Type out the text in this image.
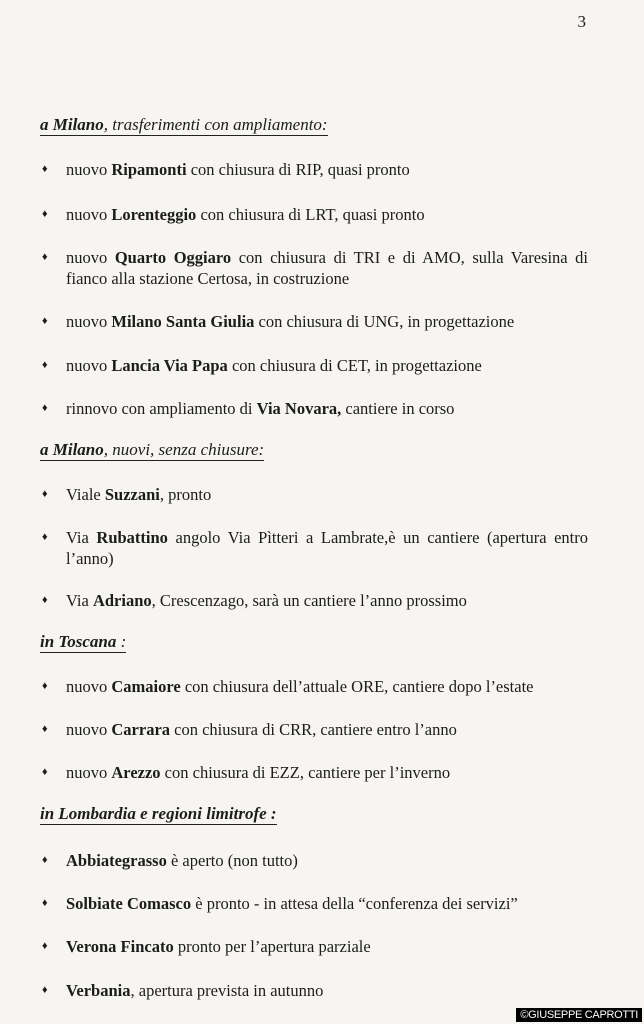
3
a Milano, trasferimenti con ampliamento:
♦ nuovo Ripamonti con chiusura di RIP, quasi pronto
♦ nuovo Lorenteggio con chiusura di LRT, quasi pronto
♦ nuovo Quarto Oggiaro con chiusura di TRI e di AMO, sulla Varesina di fianco alla stazione Certosa, in costruzione
♦ nuovo Milano Santa Giulia con chiusura di UNG, in progettazione
♦ nuovo Lancia Via Papa con chiusura di CET, in progettazione
♦ rinnovo con ampliamento di Via Novara, cantiere in corso
a Milano, nuovi, senza chiusure:
♦ Viale Suzzani, pronto
♦ Via Rubattino angolo Via Pìtteri a Lambrate,è un cantiere (apertura entro l’anno)
♦ Via Adriano, Crescenzago, sarà un cantiere l’anno prossimo
in Toscana :
♦ nuovo Camaiore con chiusura dell’attuale ORE, cantiere dopo l’estate
♦ nuovo Carrara con chiusura di CRR, cantiere entro l’anno
♦ nuovo Arezzo con chiusura di EZZ, cantiere per l’inverno
in Lombardia e regioni limitrofe :
♦ Abbiategrasso è aperto (non tutto)
♦ Solbiate Comasco è pronto - in attesa della “conferenza dei servizi”
♦ Verona Fincato pronto per l’apertura parziale
♦ Verbania, apertura prevista in autunno
©GIUSEPPE CAPROTTI
